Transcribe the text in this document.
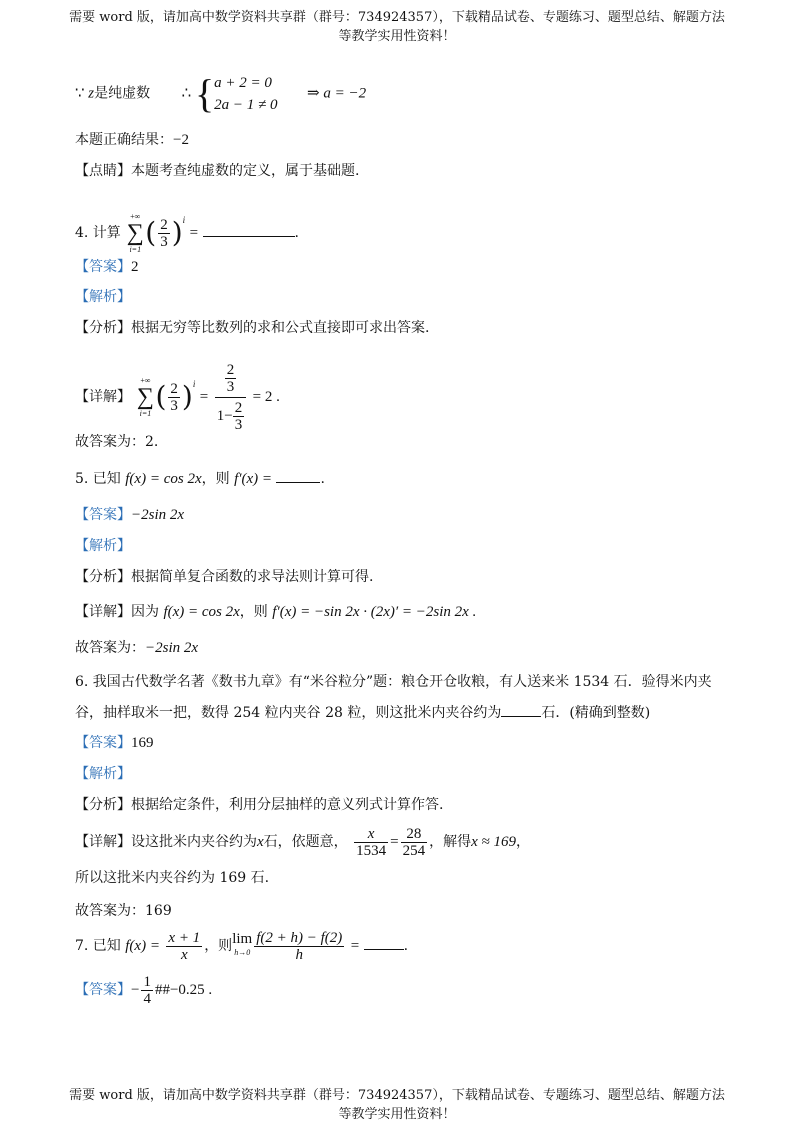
需要 word 版，请加高中数学资料共享群（群号：734924357），下载精品试卷、专题练习、题型总结、解题方法
等教学实用性资料！
∵ z是纯虚数 ∴ { a + 2 = 0
2a − 1 ≠ 0
⇒ a = −2
本题正确结果：−2
【点睛】本题考查纯虚数的定义，属于基础题.
4. 计算
+∞
∑
i=1
( $\frac{2}{3} )^i$ =	.
【答案】2
【解析】
【分析】根据无穷等比数列的求和公式直接即可求出答案.
【详解】
+∞
∑
i=1
( $\frac{2}{3} )^i = \frac{\frac{2}{3}}{1- \frac{2}{3}} = 2$ .
故答案为：2.
5. 已知 f(x) = cos 2x，则 f′(x) =	.
【答案】−2sin 2x
【解析】
【分析】根据简单复合函数的求导法则计算可得.
【详解】因为 f(x) = cos 2x，则 f′(x) = −sin 2x · (2x)′ = −2sin 2x .
故答案为：−2sin 2x
6. 我国古代数学名著《数书九章》有“米谷粒分”题：粮仓开仓收粮，有人送来米 1534 石．验得米内夹
谷，抽样取米一把，数得 254 粒内夹谷 28 粒，则这批米内夹谷约为	石．(精确到整数)
【答案】169
【解析】
【分析】根据给定条件，利用分层抽样的意义列式计算作答.
【详解】设这批米内夹谷约为x石，依题意， $\frac{x}{1534} = \frac{28}{254}$ ，解得x ≈ 169，
所以这批米内夹谷约为 169 石.
故答案为：169
7. 已知 $f(x) = \frac{x + 1}{x}$ ，则 lim
$h\to 0 \frac{f(2 + h) - f(2)}{h}$ =	.
【答案】− $\frac{1}{4}$ ##−0.25 .
需要 word 版，请加高中数学资料共享群（群号：734924357），下载精品试卷、专题练习、题型总结、解题方法
等教学实用性资料！
